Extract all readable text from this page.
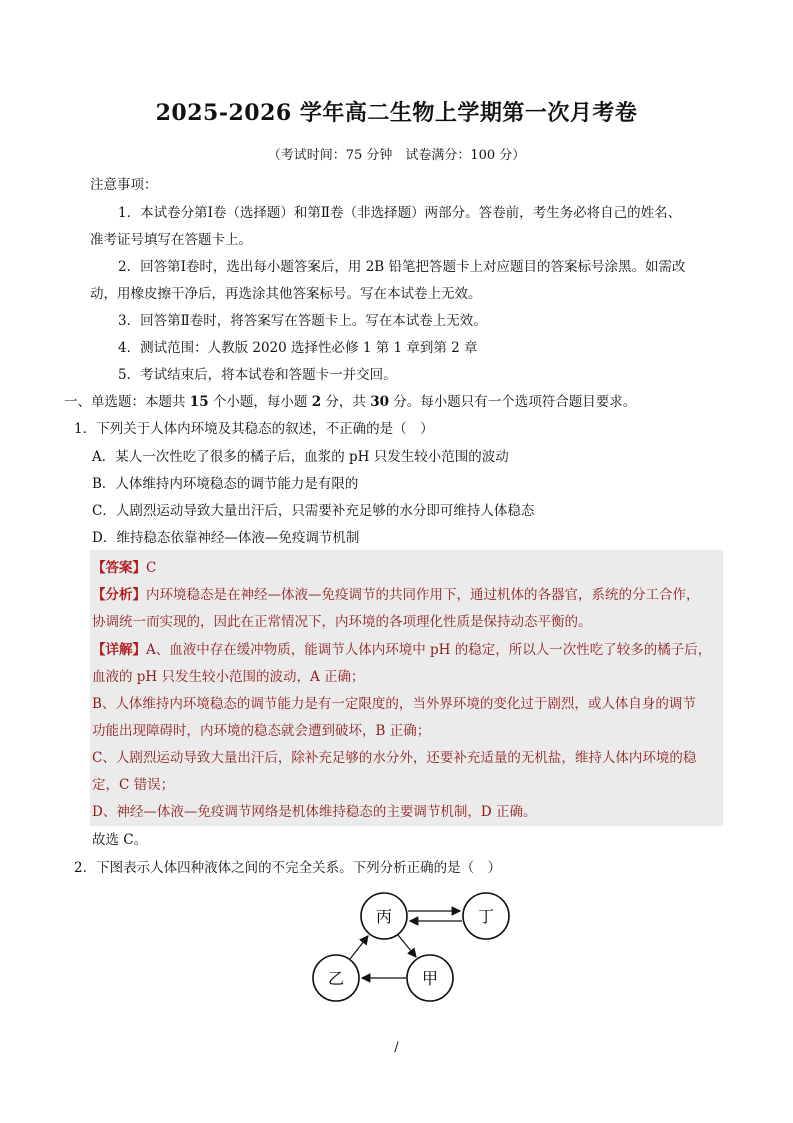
2025-2026 学年高二生物上学期第一次月考卷
（考试时间：75 分钟　试卷满分：100 分）
注意事项：
1．本试卷分第Ⅰ卷（选择题）和第Ⅱ卷（非选择题）两部分。答卷前，考生务必将自己的姓名、
准考证号填写在答题卡上。
2．回答第Ⅰ卷时，选出每小题答案后，用 2B 铅笔把答题卡上对应题目的答案标号涂黑。如需改
动，用橡皮擦干净后，再选涂其他答案标号。写在本试卷上无效。
3．回答第Ⅱ卷时，将答案写在答题卡上。写在本试卷上无效。
4．测试范围：人教版 2020 选择性必修 1 第 1 章到第 2 章
5．考试结束后，将本试卷和答题卡一并交回。
一、单选题：本题共 15 个小题，每小题 2 分，共 30 分。每小题只有一个选项符合题目要求。
1．下列关于人体内环境及其稳态的叙述，不正确的是（　）
A．某人一次性吃了很多的橘子后，血浆的 pH 只发生较小范围的波动
B．人体维持内环境稳态的调节能力是有限的
C．人剧烈运动导致大量出汗后，只需要补充足够的水分即可维持人体稳态
D．维持稳态依靠神经—体液—免疫调节机制
【答案】C
【分析】内环境稳态是在神经—体液—免疫调节的共同作用下，通过机体的各器官，系统的分工合作，
协调统一而实现的，因此在正常情况下，内环境的各项理化性质是保持动态平衡的。
【详解】A、血液中存在缓冲物质，能调节人体内环境中 pH 的稳定，所以人一次性吃了较多的橘子后，
血液的 pH 只发生较小范围的波动，A 正确；
B、人体维持内环境稳态的调节能力是有一定限度的，当外界环境的变化过于剧烈，或人体自身的调节
功能出现障碍时，内环境的稳态就会遭到破坏，B 正确；
C、人剧烈运动导致大量出汗后，除补充足够的水分外，还要补充适量的无机盐，维持人体内环境的稳
定，C 错误；
D、神经—体液—免疫调节网络是机体维持稳态的主要调节机制，D 正确。
故选 C。
2．下图表示人体四种液体之间的不完全关系。下列分析正确的是（　）
丙	丁
乙	甲
/
